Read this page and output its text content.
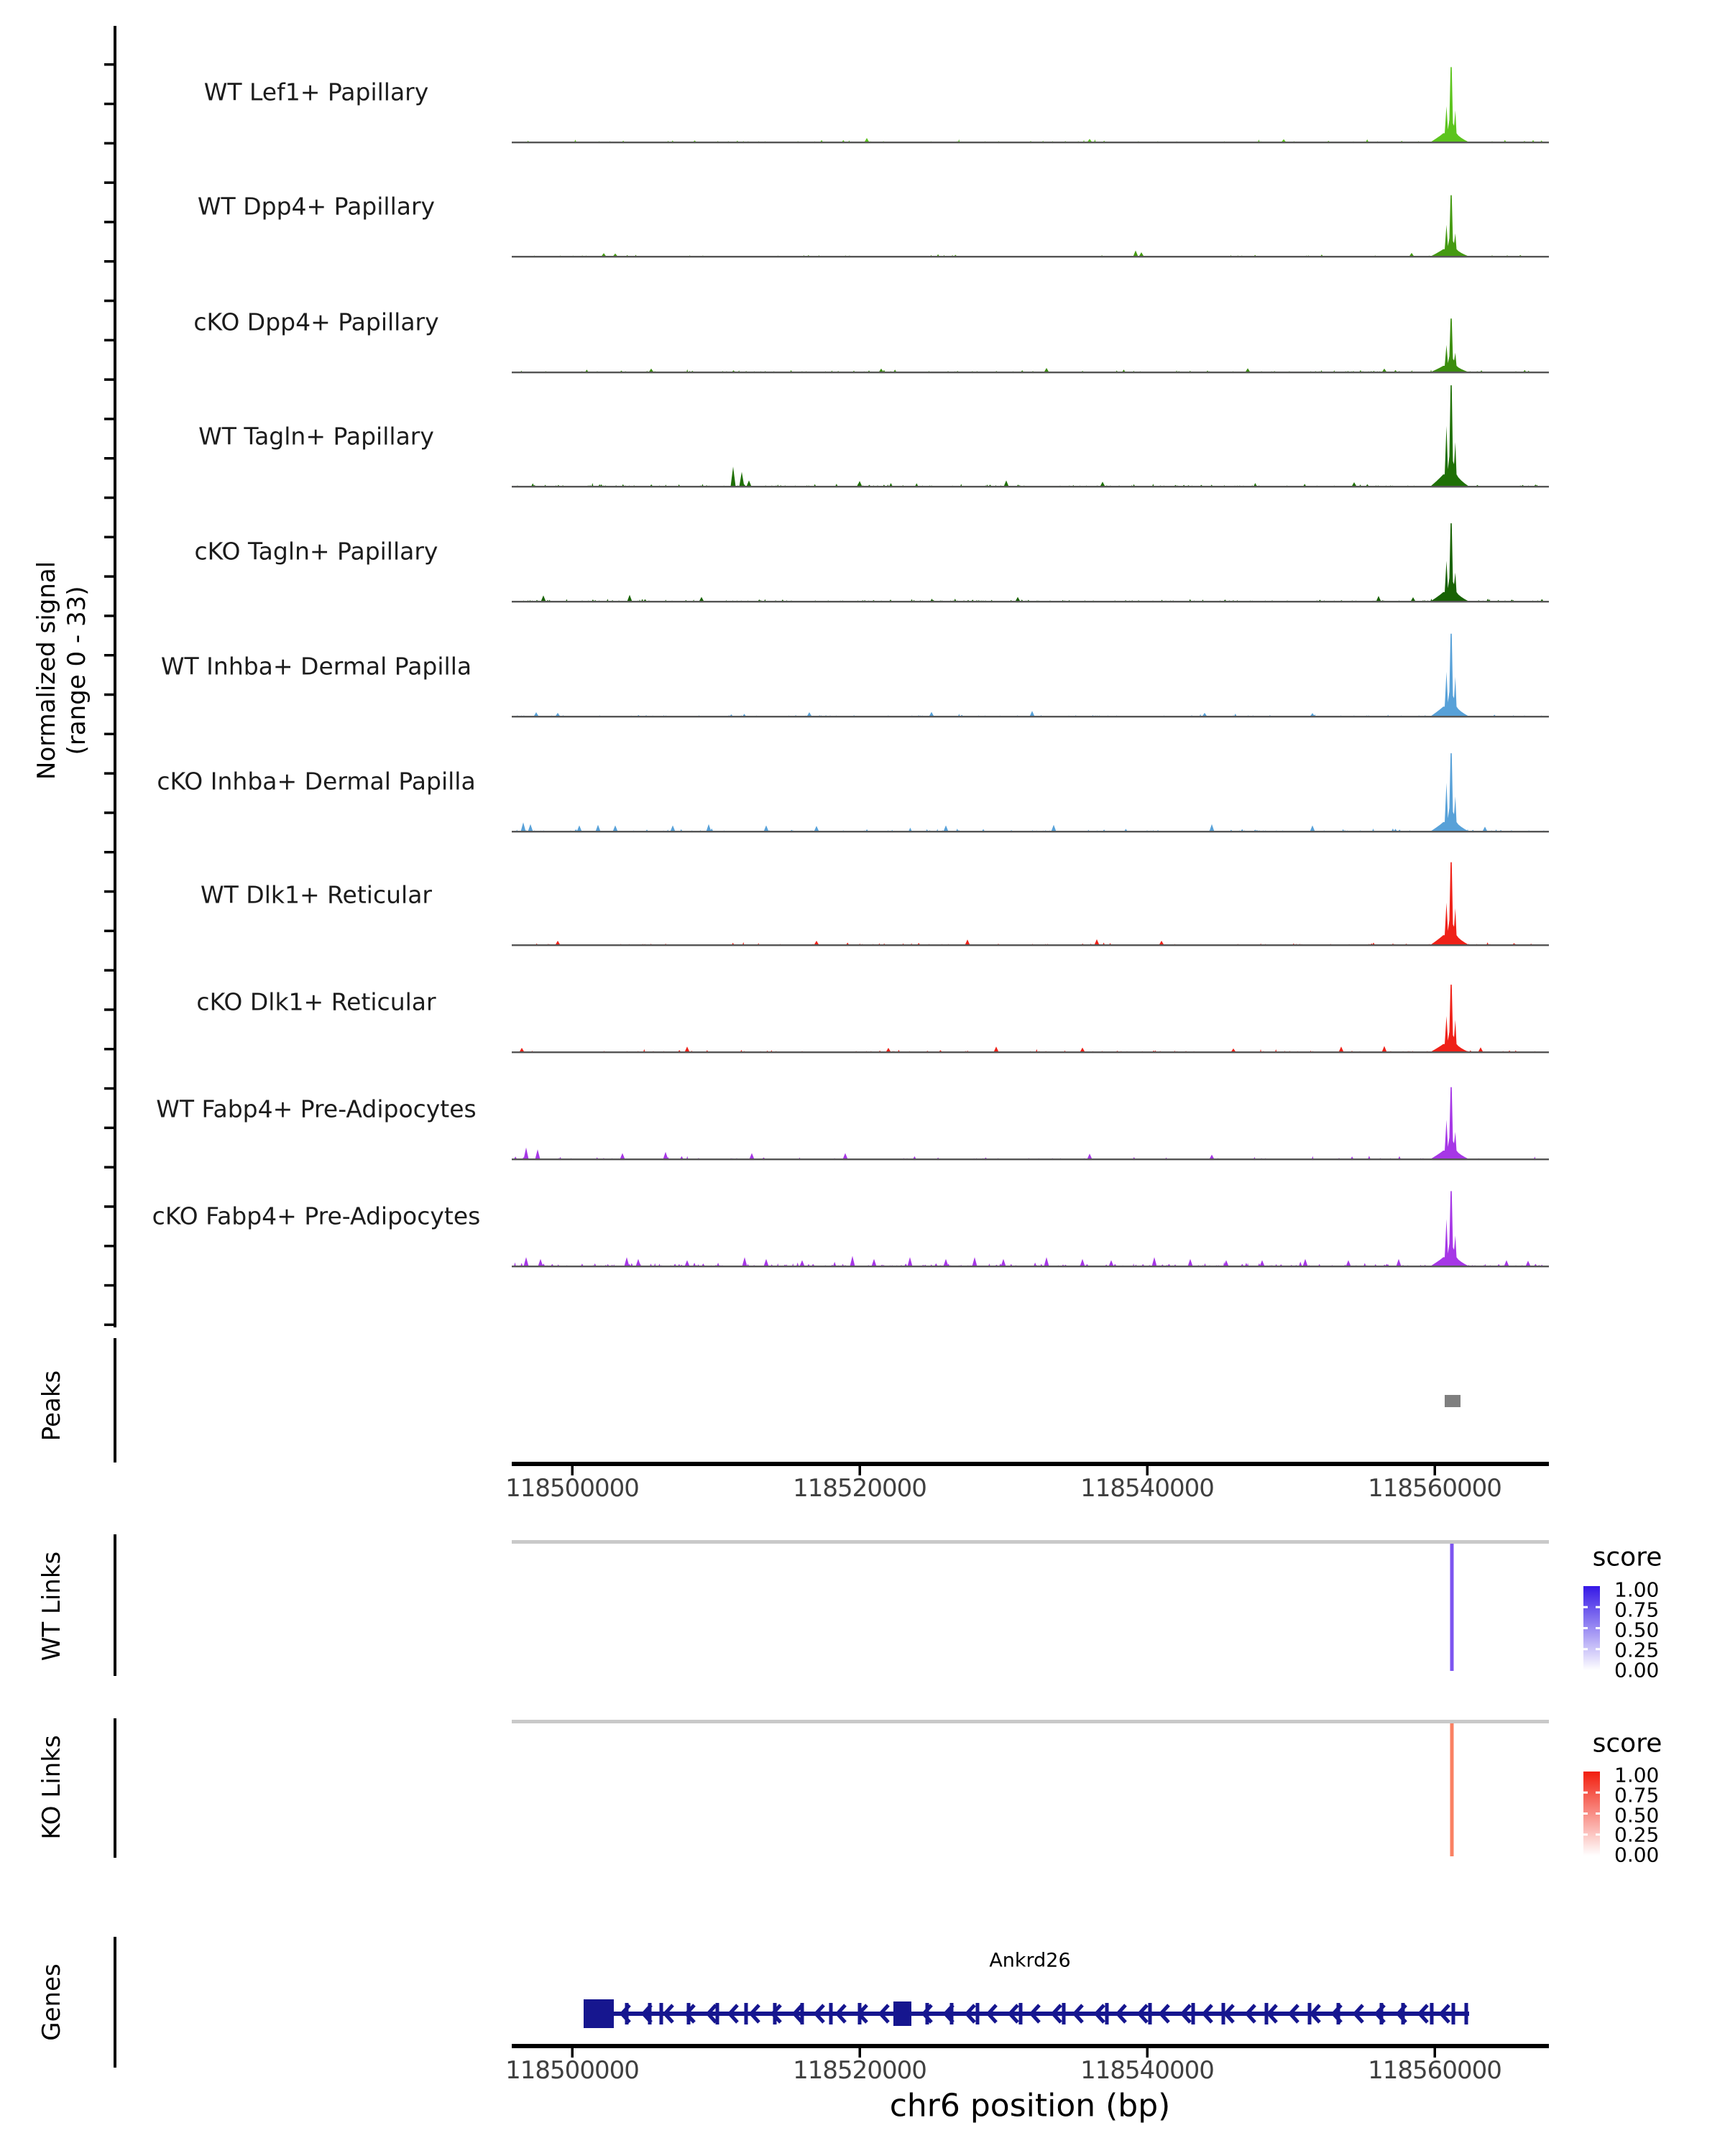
Normalized signal (range 0 - 33)
Peaks
WT Links
KO Links
Genes
WT Lef1+ Papillary
WT Dpp4+ Papillary
cKO Dpp4+ Papillary
WT Tagln+ Papillary
cKO Tagln+ Papillary
WT Inhba+ Dermal Papilla
cKO Inhba+ Dermal Papilla
WT Dlk1+ Reticular
cKO Dlk1+ Reticular
WT Fabp4+ Pre-Adipocytes
cKO Fabp4+ Pre-Adipocytes
118500000	118520000	118540000	118560000
118500000	118520000	118540000	118560000
chr6 position (bp)
score
1.00
0.75
0.50
0.25
0.00
score
1.00
0.75
0.50
0.25
0.00
Ankrd26
